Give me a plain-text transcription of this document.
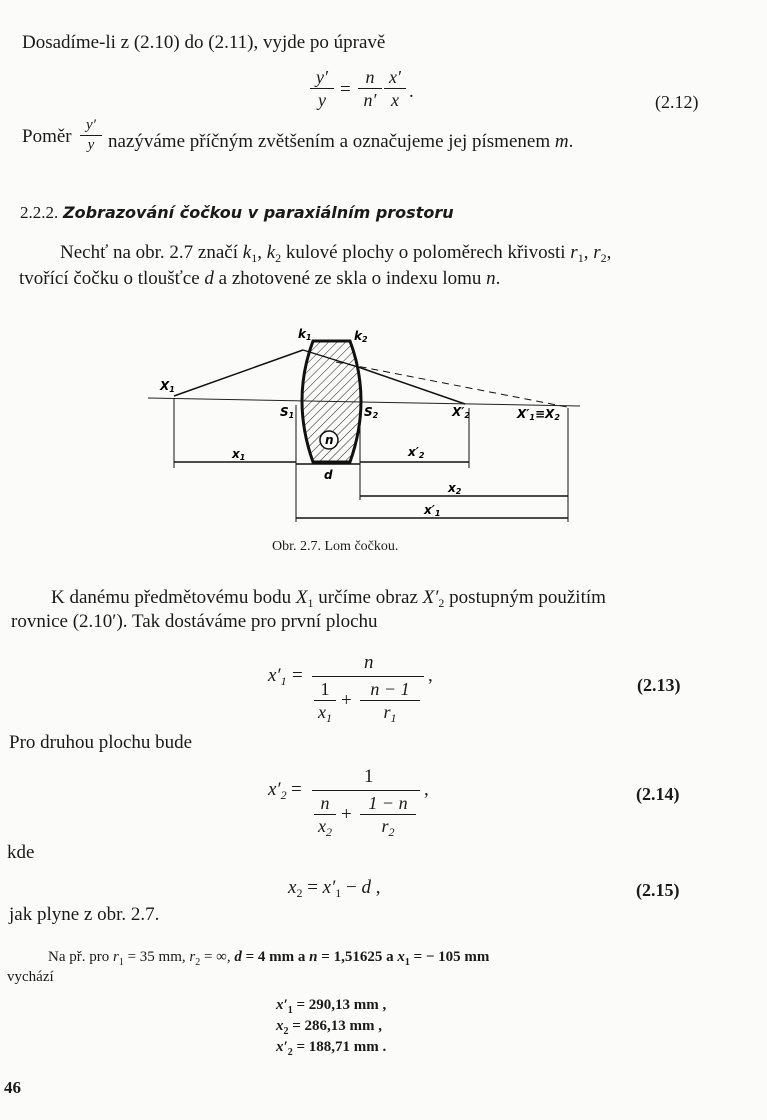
Dosadíme-li z (2.10) do (2.11), vyjde po úpravě
$\frac{y'}{y} = \frac{n}{n'} \frac{x'}{x}$ .	(2.12)
Poměr $\frac{y'}{y}$ nazýváme příčným zvětšením a označujeme jej písmenem m.
2.2.2. Zobrazování čočkou v paraxiálním prostoru
Nechť na obr. 2.7 značí $k_1$, $k_2$ kulové plochy o poloměrech křivosti $r_1$, $r_2$,
tvořící čočku o tloušťce d a zhotovené ze skla o indexu lomu n.
k1	k2
X1
S1	S2	X′2	X′1≡X2
n
x1	x′2
d
x2
x′1
Obr. 2.7. Lom čočkou.
K danému předmětovému bodu $X_1$ určíme obraz $X'_2$ postupným použitím
rovnice (2.10′). Tak dostáváme pro první plochu
$x'_1$ =
n
$\frac{1}{x_1} + \frac{n - 1}{r_1}$
,	(2.13)
Pro druhou plochu bude
$x'_2$ =
1
$\frac{n}{x_2} + \frac{1 - n}{r_2}$
,	(2.14)
kde
$x_2 = x'_1 - d$ ,	(2.15)
jak plyne z obr. 2.7.
Na př. pro $r_1 = 35$ mm, $r_2$ = ∞, d = 4 mm a n = 1,51625 a $x_1$ = − 105 mm
vychází
$x'_1 = 290,13$ mm ,
$x_2 = 286,13$ mm ,
$x'_2 = 188,71$ mm .
46
